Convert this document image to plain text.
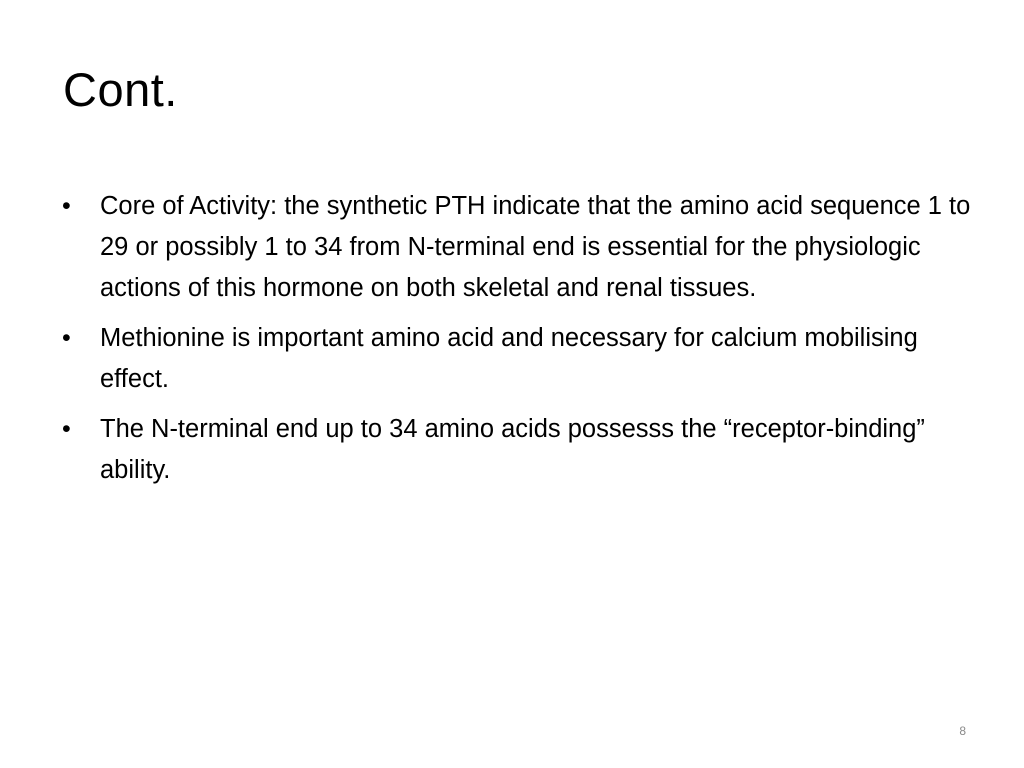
Cont.
•	Core of Activity: the synthetic PTH indicate that the amino acid sequence 1 to 29 or possibly 1 to 34 from N-terminal end is essential for the physiologic actions of this hormone on both skeletal and renal tissues.
•	Methionine is important amino acid and necessary for calcium mobilising effect.
•	The N-terminal end up to 34 amino acids possesss the “receptor-binding” ability.
8
